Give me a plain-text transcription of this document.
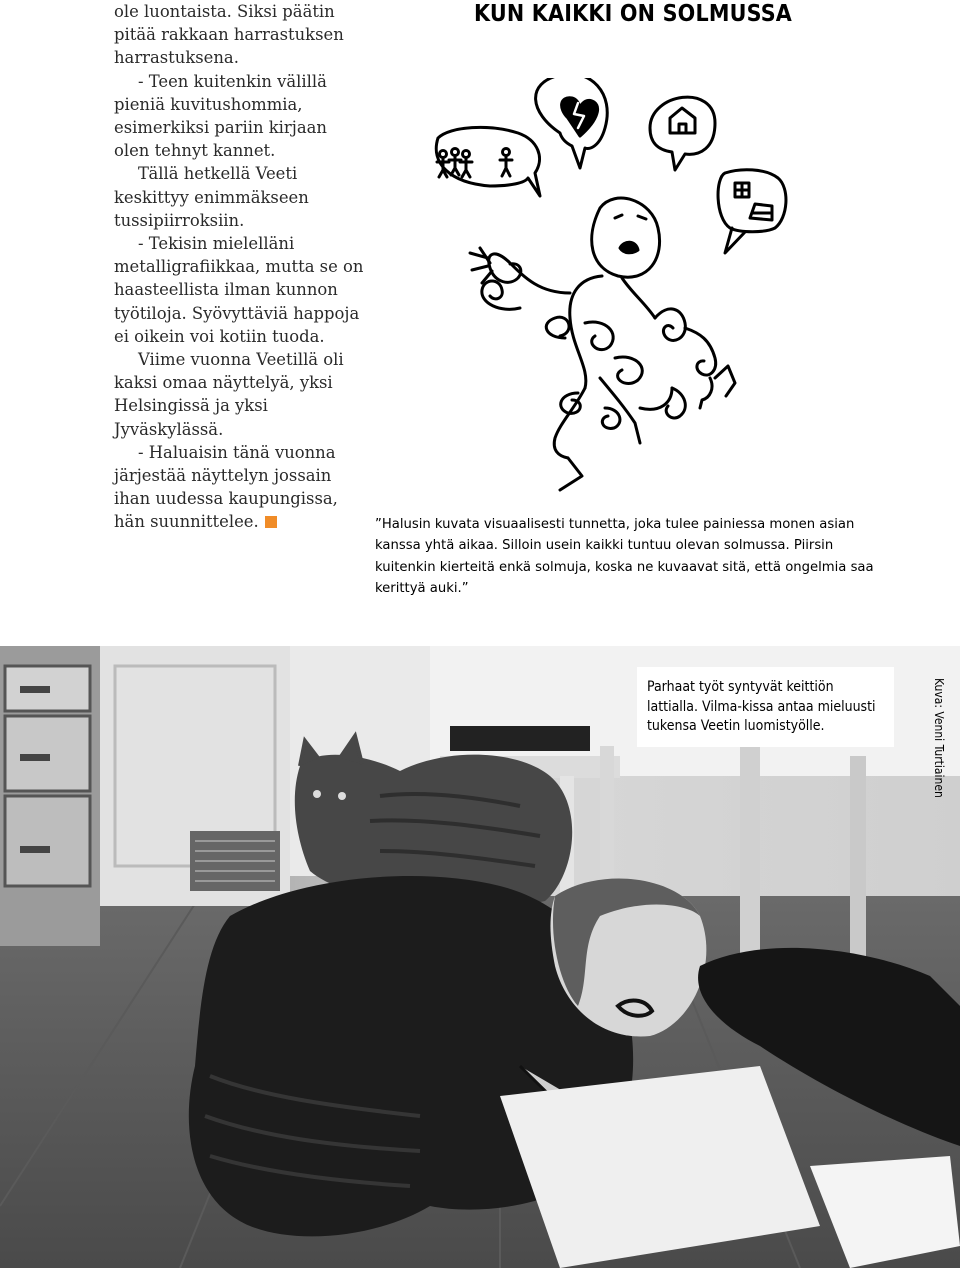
ole luontaista. Siksi päätin pitää rakkaan harrastuksen harrastuksena.

- Teen kuitenkin välillä pieniä kuvitushommia, esimerkiksi pariin kirjaan olen tehnyt kannet.

Tällä hetkellä Veeti keskittyy enimmäkseen tussipiirroksiin.

- Tekisin mielelläni metalligrafiikkaa, mutta se on haasteellista ilman kunnon työtiloja. Syövyttäviä happoja ei oikein voi kotiin tuoda.

Viime vuonna Veetillä oli kaksi omaa näyttelyä, yksi Helsingissä ja yksi Jyväskylässä.

- Haluaisin tänä vuonna järjestää näyttelyn jossain ihan uudessa kaupungissa, hän suunnittelee.

KUN KAIKKI ON SOLMUSSA
”Halusin kuvata visuaalisesti tunnetta, joka tulee painiessa monen asian kanssa yhtä aikaa. Silloin usein kaikki tuntuu olevan solmussa. Piirsin kuitenkin kierteitä enkä solmuja, koska ne kuvaavat sitä, että ongelmia saa kerittyä auki.”
Parhaat työt syntyvät keittiön lattialla. Vilma-kissa antaa mieluusti tukensa Veetin luomistyölle.	Kuva: Venni Turtiainen
